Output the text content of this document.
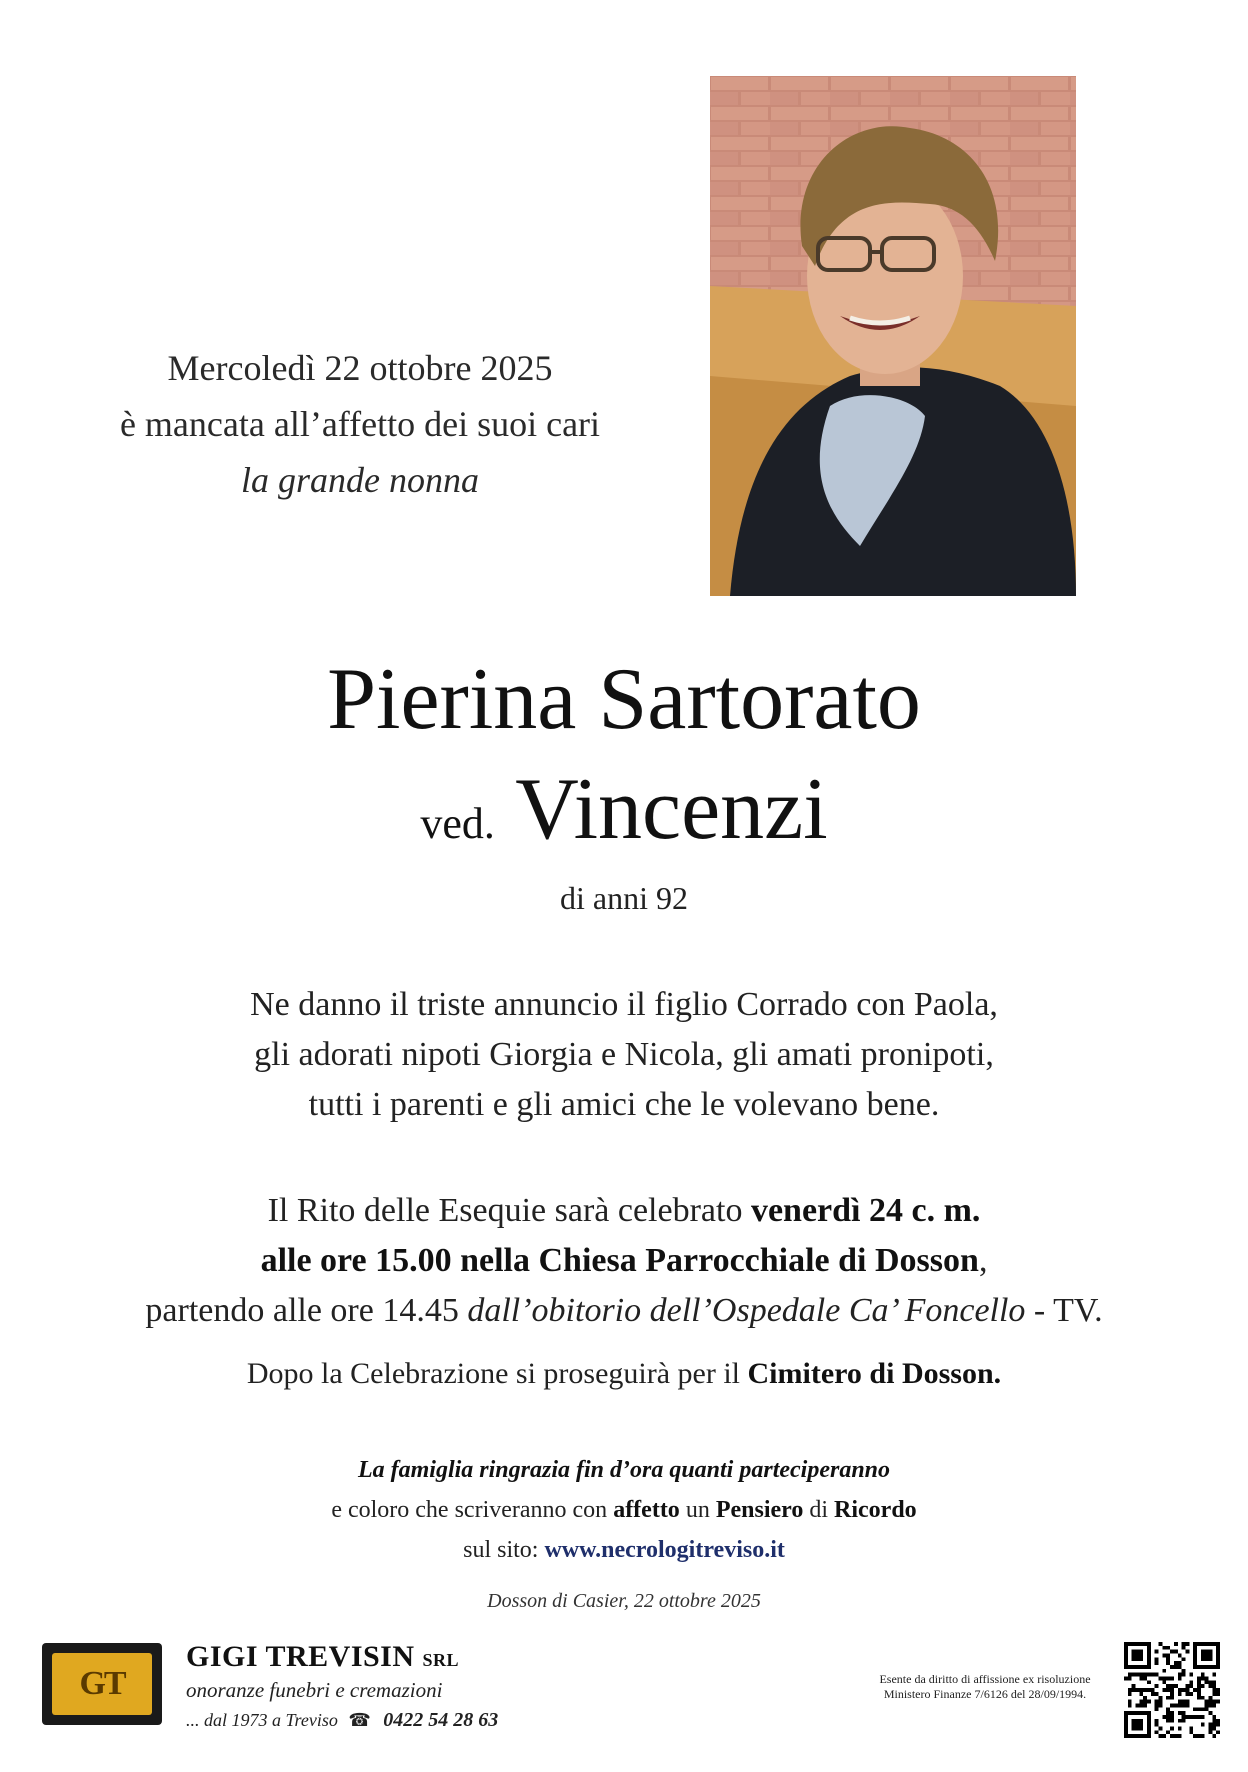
Mercoledì 22 ottobre 2025
è mancata all’affetto dei suoi cari
la grande nonna
Pierina Sartorato
ved. Vincenzi
di anni 92
Ne danno il triste annuncio il figlio Corrado con Paola,
gli adorati nipoti Giorgia e Nicola, gli amati pronipoti,
tutti i parenti e gli amici che le volevano bene.
Il Rito delle Esequie sarà celebrato venerdì 24 c. m.
alle ore 15.00 nella Chiesa Parrocchiale di Dosson,
partendo alle ore 14.45 dall’obitorio dell’Ospedale Ca’ Foncello - TV.
Dopo la Celebrazione si proseguirà per il Cimitero di Dosson.
La famiglia ringrazia fin d’ora quanti parteciperanno
e coloro che scriveranno con affetto un Pensiero di Ricordo
sul sito: www.necrologitreviso.it
Dosson di Casier, 22 ottobre 2025
GT
GIGI TREVISIN SRL
onoranze funebri e cremazioni
... dal 1973 a Treviso ☎ 0422 54 28 63
Esente da diritto di affissione ex risoluzione
Ministero Finanze 7/6126 del 28/09/1994.
